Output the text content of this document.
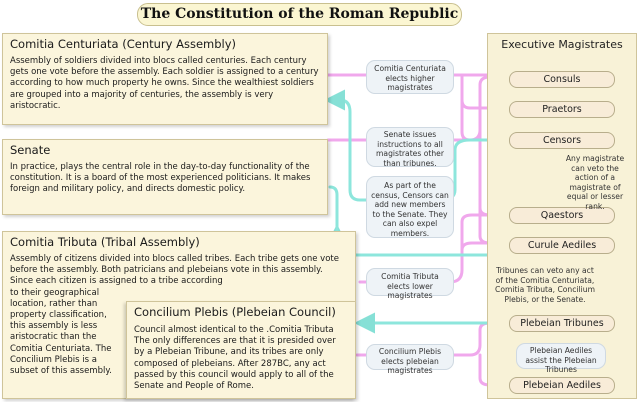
The Constitution of the Roman Republic
Comitia Centuriata (Century Assembly)

Assembly of soldiers divided into blocs called centuries. Each century gets one vote before the assembly. Each soldier is assigned to a century according to how much property he owns. Since the wealthiest soldiers are grouped into a majority of centuries, the assembly is very aristocratic.

Senate

In practice, plays the central role in the day-to-day functionality of the constitution. It is a board of the most experienced politicians. It makes foreign and military policy, and directs domestic policy.

Comitia Tributa (Tribal Assembly)

Assembly of citizens divided into blocs called tribes. Each tribe gets one vote before the assembly. Both patricians and plebeians vote in this assembly. Since each citizen is assigned to a tribe according

to their geographical location, rather than property classification, this assembly is less aristocratic than the Comitia Centuriata. The Concilium Plebis is a subset of this assembly.

Concilium Plebis (Plebeian Council)

Council almost identical to the .Comitia Tributa The only differences are that it is presided over by a Plebeian Tribune, and its tribes are only composed of plebeians. After 287BC, any act passed by this council would apply to all of the Senate and People of Rome.

Executive Magistrates
Consuls
Praetors
Censors
Qaestors
Curule Aediles
Plebeian Tribunes
Plebeian Aediles
Comitia Centuriata elects higher magistrates
Senate issues instructions to all magistrates other than tribunes.
As part of the census, Censors can add new members to the Senate. They can also expel members.
Comitia Tributa elects lower magistrates
Concilium Plebis elects plebeian magistrates
Plebeian Aediles assist the Plebeian Tribunes
Any magistrate can veto the action of a magistrate of equal or lesser rank.
Tribunes can veto any act of the Comitia Centuriata, Comitia Tributa, Concilium Plebis, or the Senate.
